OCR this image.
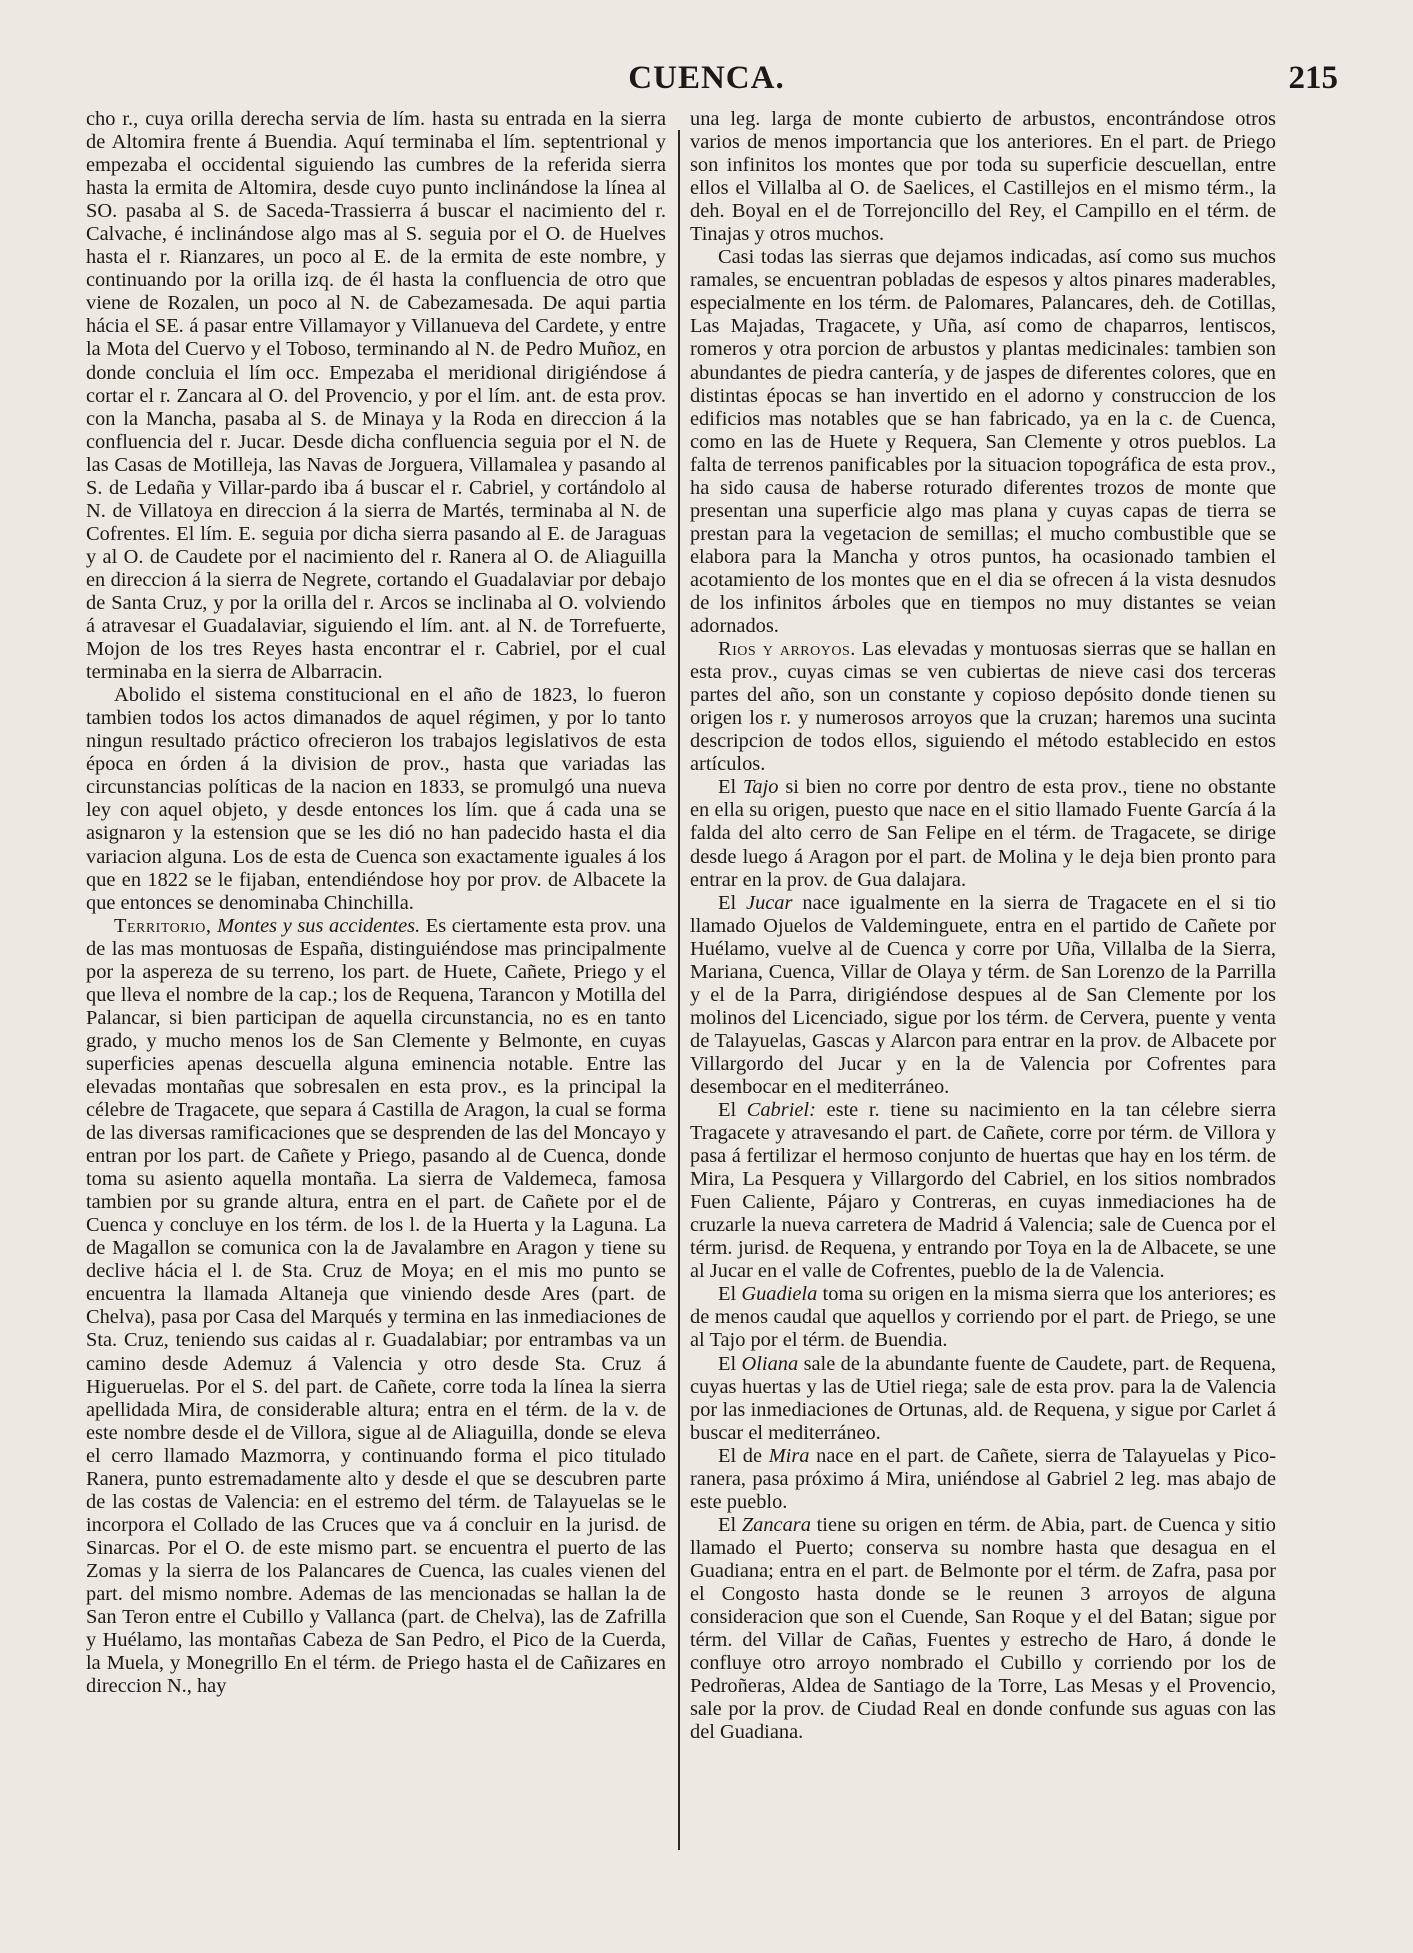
CUENCA.	215

cho r., cuya orilla derecha servia de lím. hasta su entrada en la sierra de Altomira frente á Buendia. Aquí terminaba el lím. septentrional y empezaba el occidental siguiendo las cumbres de la referida sierra hasta la ermita de Altomira, desde cuyo punto inclinándose la línea al SO. pasaba al S. de Saceda-Trassierra á buscar el nacimiento del r. Calvache, é inclinándose algo mas al S. seguia por el O. de Huelves hasta el r. Rianzares, un poco al E. de la ermita de este nombre, y continuando por la orilla izq. de él hasta la confluencia de otro que viene de Rozalen, un poco al N. de Cabezamesada. De aqui partia hácia el SE. á pasar entre Villamayor y Villanueva del Cardete, y entre la Mota del Cuervo y el Toboso, terminando al N. de Pedro Muñoz, en donde concluia el lím occ. Empezaba el meridional dirigiéndose á cortar el r. Zancara al O. del Provencio, y por el lím. ant. de esta prov. con la Mancha, pasaba al S. de Minaya y la Roda en direccion á la confluencia del r. Jucar. Desde dicha confluencia seguia por el N. de las Casas de Motilleja, las Navas de Jorguera, Villamalea y pasando al S. de Ledaña y Villar-pardo iba á buscar el r. Cabriel, y cortándolo al N. de Villatoya en direccion á la sierra de Martés, terminaba al N. de Cofrentes. El lím. E. seguia por dicha sierra pasando al E. de Jaraguas y al O. de Caudete por el nacimiento del r. Ranera al O. de Aliaguilla en direccion á la sierra de Negrete, cortando el Guadalaviar por debajo de Santa Cruz, y por la orilla del r. Arcos se inclinaba al O. volviendo á atravesar el Guadalaviar, siguiendo el lím. ant. al N. de Torrefuerte, Mojon de los tres Reyes hasta encontrar el r. Cabriel, por el cual terminaba en la sierra de Albarracin.

Abolido el sistema constitucional en el año de 1823, lo fueron tambien todos los actos dimanados de aquel régimen, y por lo tanto ningun resultado práctico ofrecieron los trabajos legislativos de esta época en órden á la division de prov., hasta que variadas las circunstancias políticas de la nacion en 1833, se promulgó una nueva ley con aquel objeto, y desde entonces los lím. que á cada una se asignaron y la estension que se les dió no han padecido hasta el dia variacion alguna. Los de esta de Cuenca son exactamente iguales á los que en 1822 se le fijaban, entendiéndose hoy por prov. de Albacete la que entonces se denominaba Chinchilla.

Territorio, Montes y sus accidentes. Es ciertamente esta prov. una de las mas montuosas de España, distinguiéndose mas principalmente por la aspereza de su terreno, los part. de Huete, Cañete, Priego y el que lleva el nombre de la cap.; los de Requena, Tarancon y Motilla del Palancar, si bien participan de aquella circunstancia, no es en tanto grado, y mucho menos los de San Clemente y Belmonte, en cuyas superficies apenas descuella alguna eminencia notable. Entre las elevadas montañas que sobresalen en esta prov., es la principal la célebre de Tragacete, que separa á Castilla de Aragon, la cual se forma de las diversas ramificaciones que se desprenden de las del Moncayo y entran por los part. de Cañete y Priego, pasando al de Cuenca, donde toma su asiento aquella montaña. La sierra de Valdemeca, famosa tambien por su grande altura, entra en el part. de Cañete por el de Cuenca y concluye en los térm. de los l. de la Huerta y la Laguna. La de Magallon se comunica con la de Javalambre en Aragon y tiene su declive hácia el l. de Sta. Cruz de Moya; en el mis mo punto se encuentra la llamada Altaneja que viniendo desde Ares (part. de Chelva), pasa por Casa del Marqués y termina en las inmediaciones de Sta. Cruz, teniendo sus caidas al r. Guadalabiar; por entrambas va un camino desde Ademuz á Valencia y otro desde Sta. Cruz á Higueruelas. Por el S. del part. de Cañete, corre toda la línea la sierra apellidada Mira, de considerable altura; entra en el térm. de la v. de este nombre desde el de Villora, sigue al de Aliaguilla, donde se eleva el cerro llamado Mazmorra, y continuando forma el pico titulado Ranera, punto estremadamente alto y desde el que se descubren parte de las costas de Valencia: en el estremo del térm. de Talayuelas se le incorpora el Collado de las Cruces que va á concluir en la jurisd. de Sinarcas. Por el O. de este mismo part. se encuentra el puerto de las Zomas y la sierra de los Palancares de Cuenca, las cuales vienen del part. del mismo nombre. Ademas de las mencionadas se hallan la de San Teron entre el Cubillo y Vallanca (part. de Chelva), las de Zafrilla y Huélamo, las montañas Cabeza de San Pedro, el Pico de la Cuerda, la Muela, y Monegrillo En el térm. de Priego hasta el de Cañizares en direccion N., hay

una leg. larga de monte cubierto de arbustos, encontrándose otros varios de menos importancia que los anteriores. En el part. de Priego son infinitos los montes que por toda su superficie descuellan, entre ellos el Villalba al O. de Saelices, el Castillejos en el mismo térm., la deh. Boyal en el de Torrejoncillo del Rey, el Campillo en el térm. de Tinajas y otros muchos.

Casi todas las sierras que dejamos indicadas, así como sus muchos ramales, se encuentran pobladas de espesos y altos pinares maderables, especialmente en los térm. de Palomares, Palancares, deh. de Cotillas, Las Majadas, Tragacete, y Uña, así como de chaparros, lentiscos, romeros y otra porcion de arbustos y plantas medicinales: tambien son abundantes de piedra cantería, y de jaspes de diferentes colores, que en distintas épocas se han invertido en el adorno y construccion de los edificios mas notables que se han fabricado, ya en la c. de Cuenca, como en las de Huete y Requera, San Clemente y otros pueblos. La falta de terrenos panificables por la situacion topográfica de esta prov., ha sido causa de haberse roturado diferentes trozos de monte que presentan una superficie algo mas plana y cuyas capas de tierra se prestan para la vegetacion de semillas; el mucho combustible que se elabora para la Mancha y otros puntos, ha ocasionado tambien el acotamiento de los montes que en el dia se ofrecen á la vista desnudos de los infinitos árboles que en tiempos no muy distantes se veian adornados.

Rios y arroyos. Las elevadas y montuosas sierras que se hallan en esta prov., cuyas cimas se ven cubiertas de nieve casi dos terceras partes del año, son un constante y copioso depósito donde tienen su origen los r. y numerosos arroyos que la cruzan; haremos una sucinta descripcion de todos ellos, siguiendo el método establecido en estos artículos.

El Tajo si bien no corre por dentro de esta prov., tiene no obstante en ella su origen, puesto que nace en el sitio llamado Fuente García á la falda del alto cerro de San Felipe en el térm. de Tragacete, se dirige desde luego á Aragon por el part. de Molina y le deja bien pronto para entrar en la prov. de Gua dalajara.

El Jucar nace igualmente en la sierra de Tragacete en el si tio llamado Ojuelos de Valdeminguete, entra en el partido de Cañete por Huélamo, vuelve al de Cuenca y corre por Uña, Villalba de la Sierra, Mariana, Cuenca, Villar de Olaya y térm. de San Lorenzo de la Parrilla y el de la Parra, dirigiéndose despues al de San Clemente por los molinos del Licenciado, sigue por los térm. de Cervera, puente y venta de Talayuelas, Gascas y Alarcon para entrar en la prov. de Albacete por Villargordo del Jucar y en la de Valencia por Cofrentes para desembocar en el mediterráneo.

El Cabriel: este r. tiene su nacimiento en la tan célebre sierra Tragacete y atravesando el part. de Cañete, corre por térm. de Villora y pasa á fertilizar el hermoso conjunto de huertas que hay en los térm. de Mira, La Pesquera y Villargordo del Cabriel, en los sitios nombrados Fuen Caliente, Pájaro y Contreras, en cuyas inmediaciones ha de cruzarle la nueva carretera de Madrid á Valencia; sale de Cuenca por el térm. jurisd. de Requena, y entrando por Toya en la de Albacete, se une al Jucar en el valle de Cofrentes, pueblo de la de Valencia.

El Guadiela toma su origen en la misma sierra que los anteriores; es de menos caudal que aquellos y corriendo por el part. de Priego, se une al Tajo por el térm. de Buendia.

El Oliana sale de la abundante fuente de Caudete, part. de Requena, cuyas huertas y las de Utiel riega; sale de esta prov. para la de Valencia por las inmediaciones de Ortunas, ald. de Requena, y sigue por Carlet á buscar el mediterráneo.

El de Mira nace en el part. de Cañete, sierra de Talayuelas y Pico-ranera, pasa próximo á Mira, uniéndose al Gabriel 2 leg. mas abajo de este pueblo.

El Zancara tiene su origen en térm. de Abia, part. de Cuenca y sitio llamado el Puerto; conserva su nombre hasta que desagua en el Guadiana; entra en el part. de Belmonte por el térm. de Zafra, pasa por el Congosto hasta donde se le reunen 3 arroyos de alguna consideracion que son el Cuende, San Roque y el del Batan; sigue por térm. del Villar de Cañas, Fuentes y estrecho de Haro, á donde le confluye otro arroyo nombrado el Cubillo y corriendo por los de Pedroñeras, Aldea de Santiago de la Torre, Las Mesas y el Provencio, sale por la prov. de Ciudad Real en donde confunde sus aguas con las del Guadiana.
